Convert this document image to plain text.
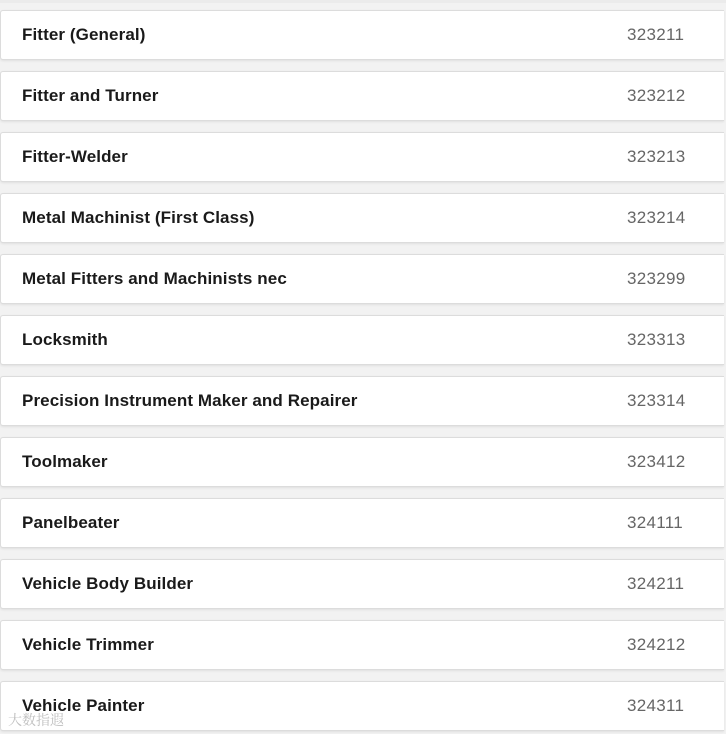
Fitter (General)	323211
Fitter and Turner	323212
Fitter-Welder	323213
Metal Machinist (First Class)	323214
Metal Fitters and Machinists nec	323299
Locksmith	323313
Precision Instrument Maker and Repairer	323314
Toolmaker	323412
Panelbeater	324111
Vehicle Body Builder	324211
Vehicle Trimmer	324212
Vehicle Painter	324311
大数指遐
